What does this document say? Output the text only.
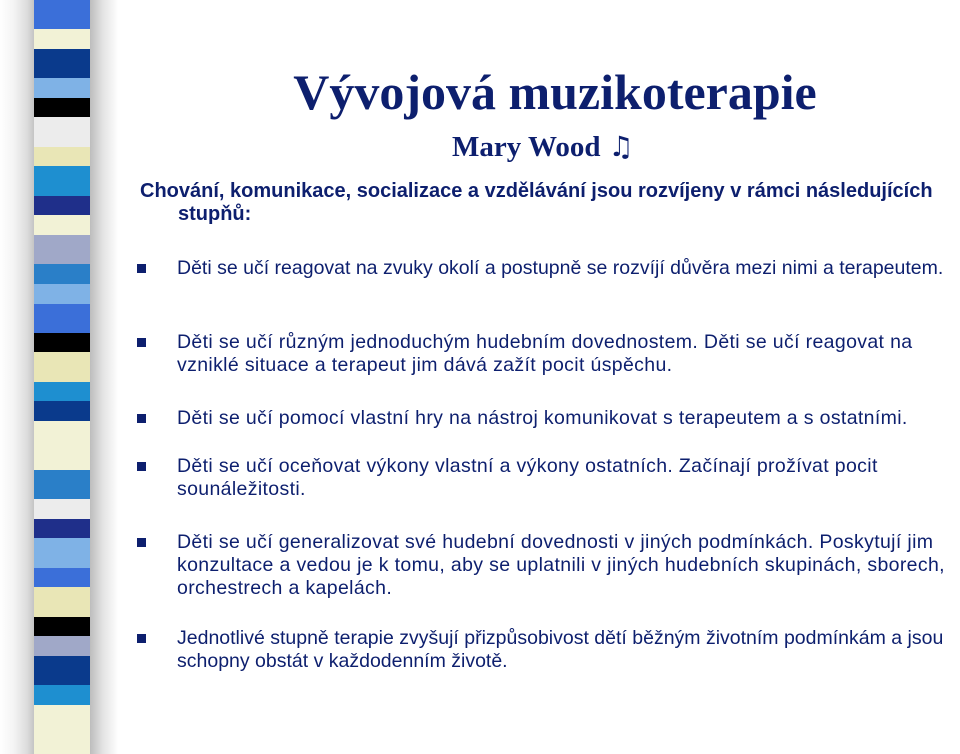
Vývojová muzikoterapie
Mary Wood ♫

Chování, komunikace, socializace a vzdělávání jsou rozvíjeny v rámci následujících stupňů:

Děti se učí reagovat na zvuky okolí a postupně se rozvíjí důvěra mezi nimi a terapeutem.
Děti se učí různým jednoduchým hudebním dovednostem. Děti se učí reagovat na vzniklé situace a terapeut jim dává zažít pocit úspěchu.
Děti se učí pomocí vlastní hry na nástroj komunikovat s terapeutem a s ostatními.
Děti se učí oceňovat výkony vlastní a výkony ostatních. Začínají prožívat pocit sounáležitosti.
Děti se učí generalizovat své hudební dovednosti v jiných podmínkách. Poskytují jim konzultace a vedou je k tomu, aby se uplatnili v jiných hudebních skupinách, sborech, orchestrech a kapelách.
Jednotlivé stupně terapie zvyšují přizpůsobivost dětí běžným životním podmínkám a jsou schopny obstát v každodenním životě.
